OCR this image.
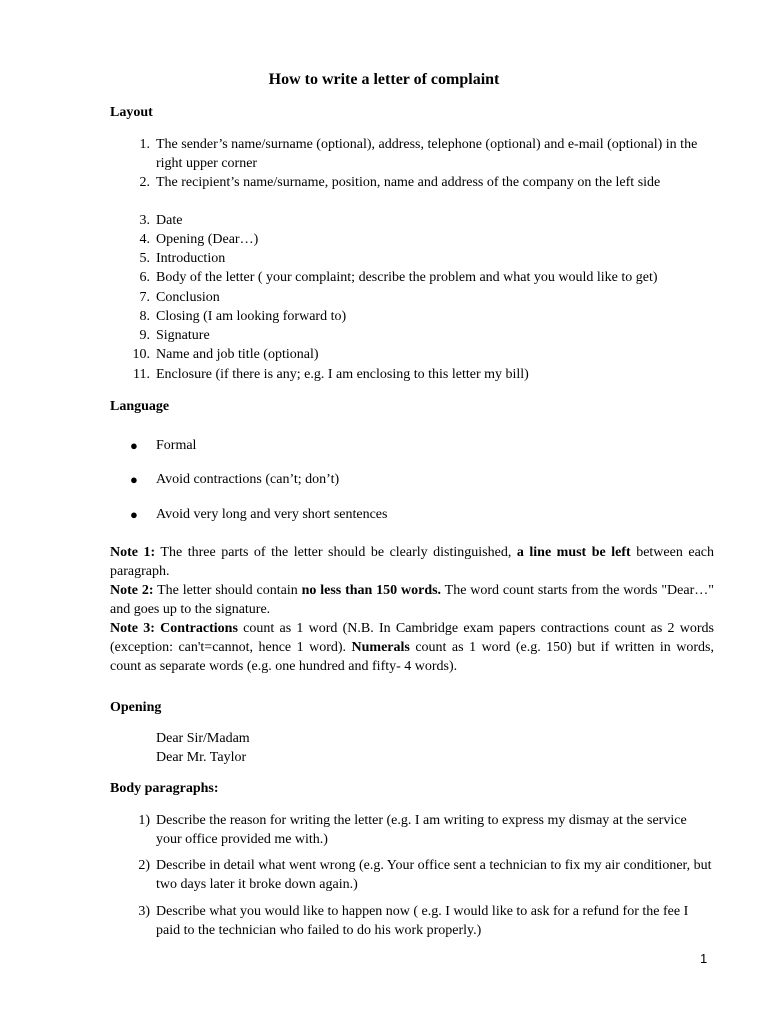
How to write a letter of complaint
Layout
1. The sender’s name/surname (optional), address, telephone (optional) and e-mail (optional) in the right upper corner
2. The recipient’s name/surname, position, name and address of the company on the left side
3. Date
4. Opening (Dear…)
5. Introduction
6. Body of the letter ( your complaint; describe the problem and what you would like to get)
7. Conclusion
8. Closing (I am looking forward to)
9. Signature
10. Name and job title (optional)
11. Enclosure (if there is any; e.g. I am enclosing to this letter my bill)
Language
● Formal
● Avoid contractions (can’t; don’t)
● Avoid very long and very short sentences

Note 1: The three parts of the letter should be clearly distinguished, a line must be left between each paragraph.

Note 2: The letter should contain no less than 150 words. The word count starts from the words "Dear…" and goes up to the signature.

Note 3: Contractions count as 1 word (N.B. In Cambridge exam papers contractions count as 2 words (exception: can't=cannot, hence 1 word). Numerals count as 1 word (e.g. 150) but if written in words, count as separate words (e.g. one hundred and fifty- 4 words).

Opening
Dear Sir/Madam
Dear Mr. Taylor
Body paragraphs:
1) Describe the reason for writing the letter (e.g. I am writing to express my dismay at the service your office provided me with.)
2) Describe in detail what went wrong (e.g. Your office sent a technician to fix my air conditioner, but two days later it broke down again.)
3) Describe what you would like to happen now ( e.g. I would like to ask for a refund for the fee I paid to the technician who failed to do his work properly.)
1
